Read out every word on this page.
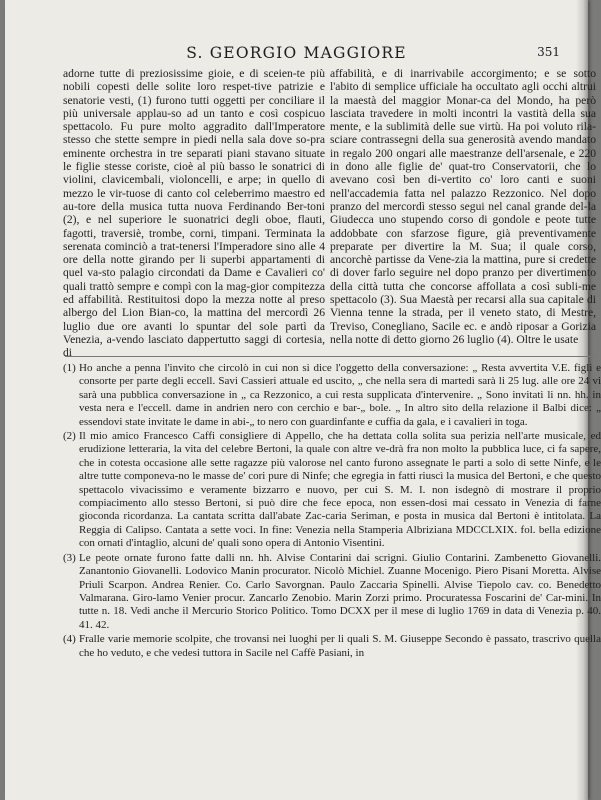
S. GEORGIO MAGGIORE	351

adorne tutte di preziosissime gioie, e di sceien-te più nobili copesti delle solite loro respet-tive patrizie e senatorie vesti, (1) furono tutti oggetti per conciliare il più universale applau-so ad un tanto e così cospicuo spettacolo. Fu pure molto aggradito dall'Imperatore stesso che stette sempre in piedi nella sala dove so-pra eminente orchestra in tre separati piani stavano situate le figlie stesse coriste, cioè al più basso le sonatrici di violini, clavicembali, violoncelli, e arpe; in quello di mezzo le vir-tuose di canto col celeberrimo maestro ed au-tore della musica tutta nuova Ferdinando Ber-toni (2), e nel superiore le suonatrici degli oboe, flauti, fagotti, traversiè, trombe, corni, timpani. Terminata la serenata cominciò a trat-tenersi l'Imperadore sino alle 4 ore della notte girando per li superbi appartamenti di quel va-sto palagio circondati da Dame e Cavalieri co' quali trattò sempre e compì con la mag-gior compitezza ed affabilità. Restituitosi dopo la mezza notte al preso albergo del Lion Bian-co, la mattina del mercordì 26 luglio due ore avanti lo spuntar del sole partì da Venezia, a-vendo lasciato dappertutto saggi di cortesia, di

affabilità, e di inarrivabile accorgimento; e se sotto l'abito di semplice ufficiale ha occultato agli occhi altrui la maestà del maggior Monar-ca del Mondo, ha però lasciata travedere in molti incontri la vastità della sua mente, e la sublimità delle sue virtù. Ha poi voluto rila-sciare contrassegni della sua generosità avendo mandato in regalo 200 ongari alle maestranze dell'arsenale, e 220 in dono alle figlie de' quat-tro Conservatorii, che lo avevano così ben di-vertito co' loro canti e suoni nell'accademia fatta nel palazzo Rezzonico. Nel dopo pranzo del mercordì stesso segui nel canal grande del-la Giudecca uno stupendo corso di gondole e peote tutte addobbate con sfarzose figure, già preventivamente preparate per divertire la M. Sua; il quale corso, ancorchè partisse da Vene-zia la mattina, pure si credette di dover farlo seguire nel dopo pranzo per divertimento della città tutta che concorse affollata a così subli-me spettacolo (3). Sua Maestà per recarsi alla sua capitale di Vienna tenne la strada, per il veneto stato, di Mestre, Treviso, Conegliano, Sacile ec. e andò riposar a Gorizia nella notte di detto giorno 26 luglio (4). Oltre le usate

(1) Ho anche a penna l'invito che circolò in cui non si dice l'oggetto della conversazione: „ Resta avvertita V.E. figli e consorte per parte degli eccell. Savi Cassieri attuale ed uscito, „ che nella sera di martedì sarà li 25 lug. alle ore 24 vi sarà una pubblica conversazione in „ ca Rezzonico, a cui resta supplicata d'intervenire. „ Sono invitati li nn. hh. in vesta nera e l'eccell. dame in andrien nero con cerchio e bar-„ bole. „ In altro sito della relazione il Balbi dice: „ essendovi state invitate le dame in abi-„ to nero con guardinfante e cuffia da gala, e i cavalieri in toga.

(2) Il mio amico Francesco Caffi consigliere di Appello, che ha dettata colla solita sua perizia nell'arte musicale, ed erudizione letteraria, la vita del celebre Bertoni, la quale con altre ve-drà fra non molto la pubblica luce, ci fa sapere, che in cotesta occasione alle sette ragazze più valorose nel canto furono assegnate le parti a solo di sette Ninfe, e le altre tutte componeva-no le masse de' cori pure di Ninfe; che egregia in fatti riuscì la musica del Bertoni, e che questo spettacolo vivacissimo e veramente bizzarro e nuovo, per cui S. M. I. non isdegnò di mostrare il proprio compiacimento allo stesso Bertoni, si può dire che fece epoca, non essen-dosi mai cessato in Venezia di farne gioconda ricordanza. La cantata scritta dall'abate Zac-caria Seriman, e posta in musica dal Bertoni è intitolata. La Reggia di Calipso. Cantata a sette voci. In fine: Venezia nella Stamperia Albriziana MDCCLXIX. fol. bella edizione con ornati d'intaglio, alcuni de' quali sono opera di Antonio Visentini.

(3) Le peote ornate furono fatte dalli nn. hh. Alvise Contarini dai scrigni. Giulio Contarini. Zambenetto Giovanelli. Zanantonio Giovanelli. Lodovico Manin procurator. Nicolò Michiel. Zuanne Mocenigo. Piero Pisani Moretta. Alvise Priuli Scarpon. Andrea Renier. Co. Carlo Savorgnan. Paulo Zaccaria Spinelli. Alvise Tiepolo cav. co. Benedetto Valmarana. Giro-lamo Venier procur. Zancarlo Zenobio. Marin Zorzi primo. Procuratessa Foscarini de' Car-mini. In tutte n. 18. Vedi anche il Mercurio Storico Politico. Tomo DCXX per il mese di luglio 1769 in data di Venezia p. 40. 41. 42.

(4) Fralle varie memorie scolpite, che trovansi nei luoghi per li quali S. M. Giuseppe Secondo è passato, trascrivo quella che ho veduto, e che vedesi tuttora in Sacile nel Caffè Pasiani, in
